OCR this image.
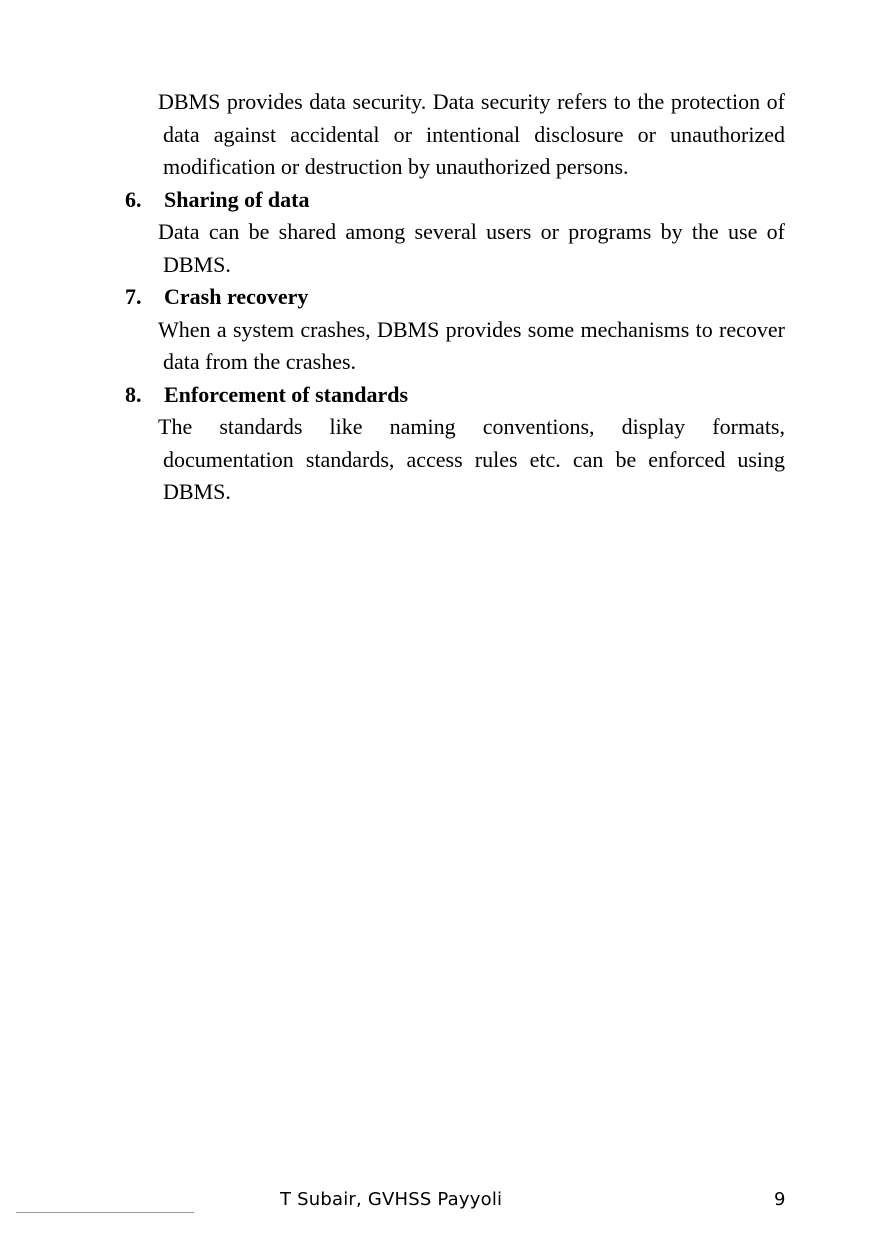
DBMS provides data security. Data security refers to the protection of data against accidental or intentional disclosure or unauthorized modification or destruction by unauthorized persons.

6.	Sharing of data

Data can be shared among several users or programs by the use of DBMS.

7.	Crash recovery

When a system crashes, DBMS provides some mechanisms to recover data from the crashes.

8.	Enforcement of standards

The standards like naming conventions, display formats, documentation standards, access rules etc. can be enforced using DBMS.

T Subair, GVHSS Payyoli	9
